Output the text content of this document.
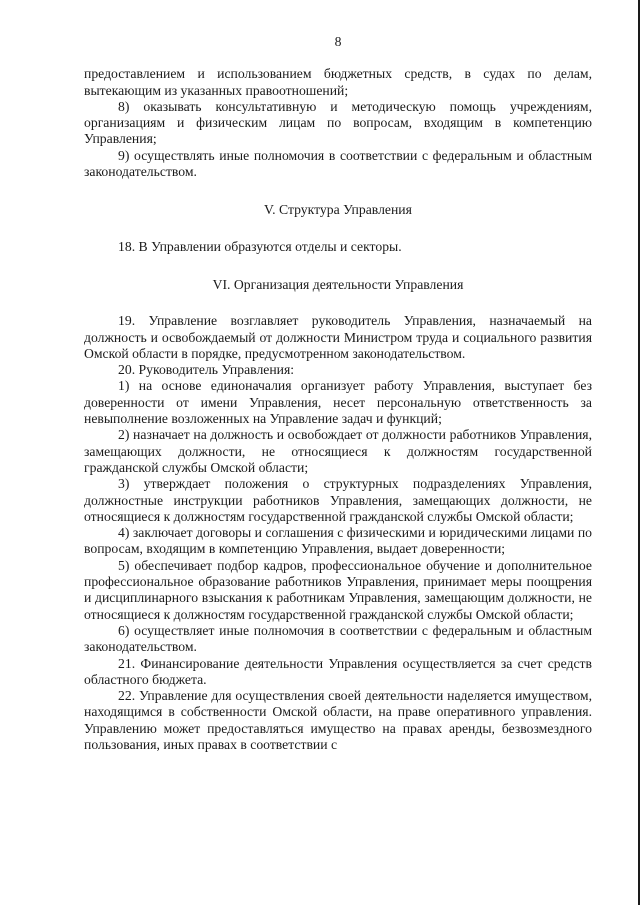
8

предоставлением и использованием бюджетных средств, в судах по делам, вытекающим из указанных правоотношений;

8) оказывать консультативную и методическую помощь учреждениям, организациям и физическим лицам по вопросам, входящим в компетенцию Управления;

9) осуществлять иные полномочия в соответствии с федеральным и областным законодательством.

V. Структура Управления

18. В Управлении образуются отделы и секторы.

VI. Организация деятельности Управления

19. Управление возглавляет руководитель Управления, назначаемый на должность и освобождаемый от должности Министром труда и социального развития Омской области в порядке, предусмотренном законодательством.

20. Руководитель Управления:

1) на основе единоначалия организует работу Управления, выступает без доверенности от имени Управления, несет персональную ответственность за невыполнение возложенных на Управление задач и функций;

2) назначает на должность и освобождает от должности работников Управления, замещающих должности, не относящиеся к должностям государственной гражданской службы Омской области;

3) утверждает положения о структурных подразделениях Управления, должностные инструкции работников Управления, замещающих должности, не относящиеся к должностям государственной гражданской службы Омской области;

4) заключает договоры и соглашения с физическими и юридическими лицами по вопросам, входящим в компетенцию Управления, выдает доверенности;

5) обеспечивает подбор кадров, профессиональное обучение и дополнительное профессиональное образование работников Управления, принимает меры поощрения и дисциплинарного взыскания к работникам Управления, замещающим должности, не относящиеся к должностям государственной гражданской службы Омской области;

6) осуществляет иные полномочия в соответствии с федеральным и областным законодательством.

21. Финансирование деятельности Управления осуществляется за счет средств областного бюджета.

22. Управление для осуществления своей деятельности наделяется имуществом, находящимся в собственности Омской области, на праве оперативного управления. Управлению может предоставляться имущество на правах аренды, безвозмездного пользования, иных правах в соответствии с
